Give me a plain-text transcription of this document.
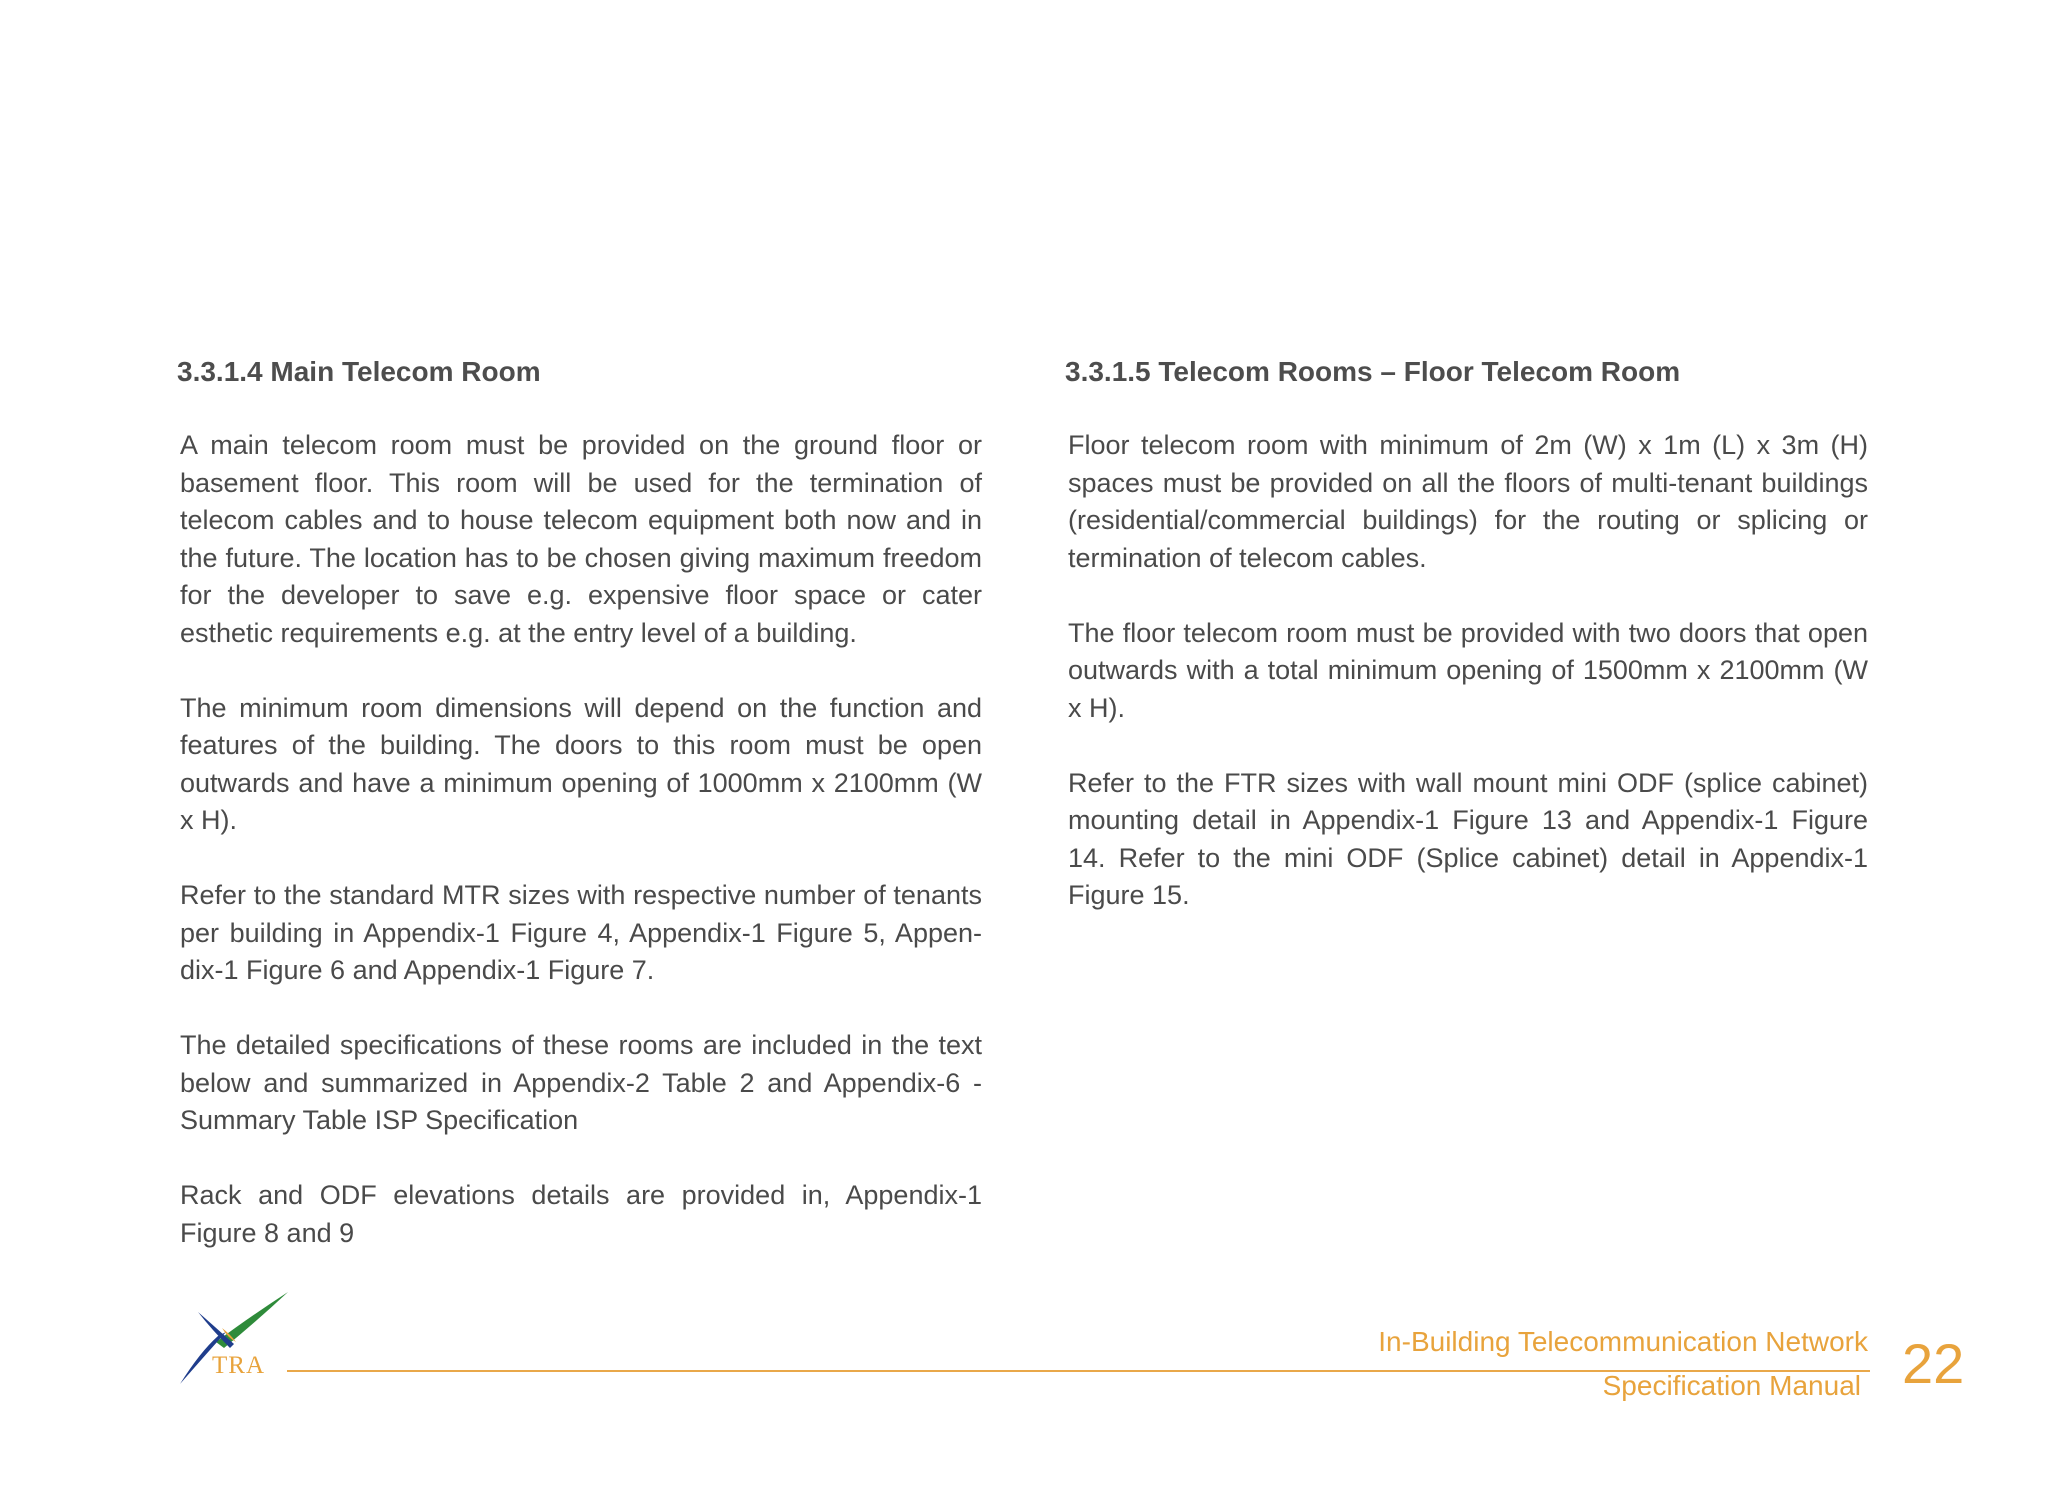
3.3.1.4 Main Telecom Room

A main telecom room must be provided on the ground floor or basement floor. This room will be used for the termination of telecom cables and to house telecom equipment both now and in the future. The location has to be chosen giving maximum freedom for the developer to save e.g. expensive floor space or cater esthetic requirements e.g. at the entry level of a building.

The minimum room dimensions will depend on the function and features of the building. The doors to this room must be open outwards and have a minimum opening of 1000mm x 2100mm (W x H).

Refer to the standard MTR sizes with respective number of tenants per building in Appendix-1 Figure 4, Appendix-1 Figure 5, Appen-dix-1 Figure 6 and Appendix-1 Figure 7.

The detailed specifications of these rooms are included in the text below and summarized in Appendix-2 Table 2 and Appendix-6 - Summary Table ISP Specification

Rack and ODF elevations details are provided in, Appendix-1 Figure 8 and 9

3.3.1.5 Telecom Rooms – Floor Telecom Room

Floor telecom room with minimum of 2m (W) x 1m (L) x 3m (H) spaces must be provided on all the floors of multi-tenant buildings (residential/commercial buildings) for the routing or splicing or termination of telecom cables.

The floor telecom room must be provided with two doors that open outwards with a total minimum opening of 1500mm x 2100mm (W x H).

Refer to the FTR sizes with wall mount mini ODF (splice cabinet) mounting detail in Appendix-1 Figure 13 and Appendix-1 Figure 14. Refer to the mini ODF (Splice cabinet) detail in Appendix-1 Figure 15.

TRA
In-Building Telecommunication Network
Specification Manual 22
